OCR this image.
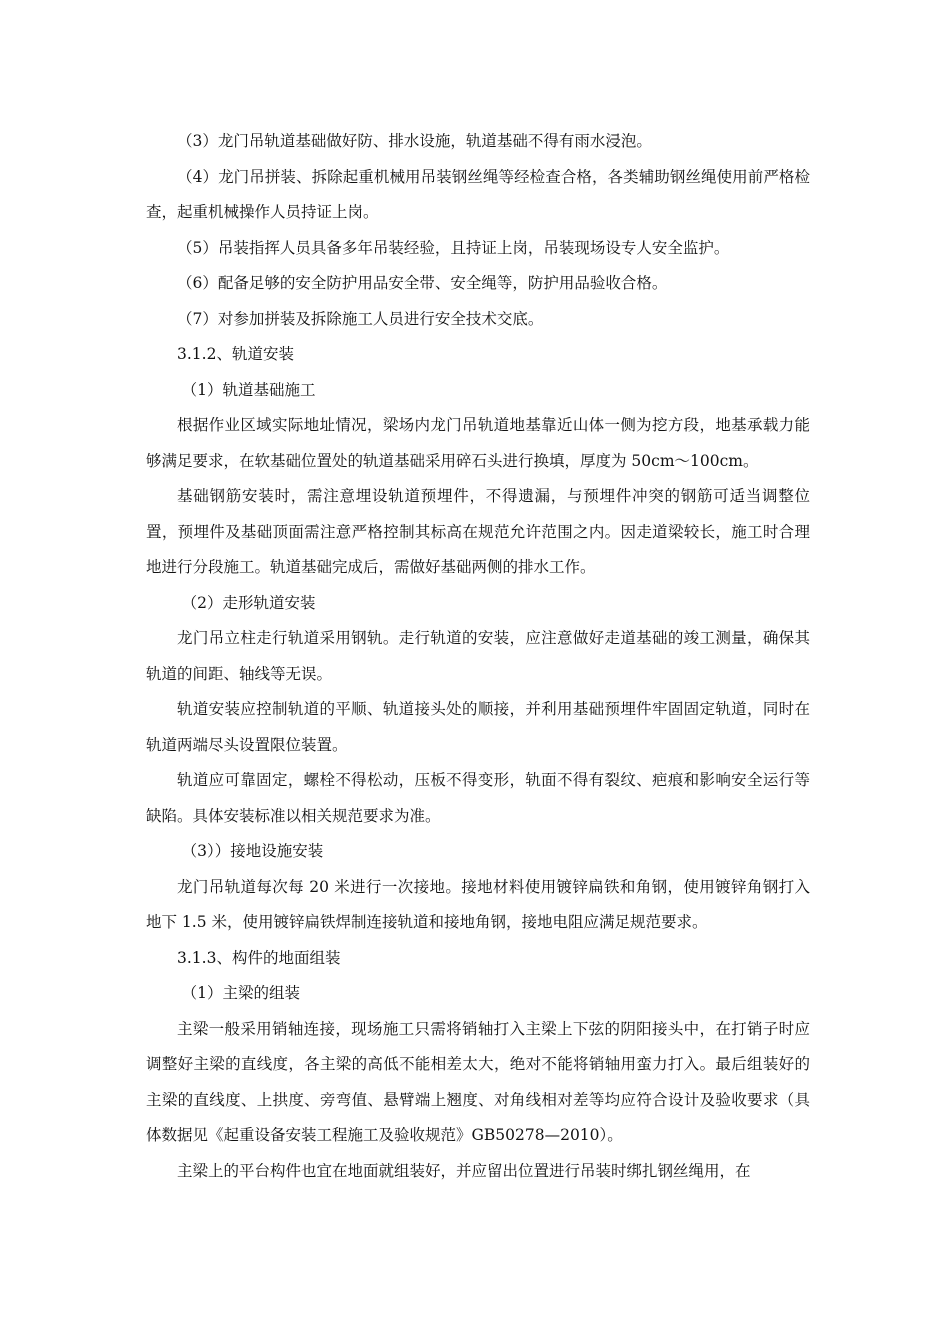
（3）龙门吊轨道基础做好防、排水设施，轨道基础不得有雨水浸泡。

（4）龙门吊拼装、拆除起重机械用吊装钢丝绳等经检查合格，各类辅助钢丝绳使用前严格检查，起重机械操作人员持证上岗。

（5）吊装指挥人员具备多年吊装经验，且持证上岗，吊装现场设专人安全监护。

（6）配备足够的安全防护用品安全带、安全绳等，防护用品验收合格。

（7）对参加拼装及拆除施工人员进行安全技术交底。

3.1.2、轨道安装

（1）轨道基础施工

根据作业区域实际地址情况，梁场内龙门吊轨道地基靠近山体一侧为挖方段，地基承载力能够满足要求，在软基础位置处的轨道基础采用碎石头进行换填，厚度为 50cm～100cm。

基础钢筋安装时，需注意埋设轨道预埋件，不得遗漏，与预埋件冲突的钢筋可适当调整位置，预埋件及基础顶面需注意严格控制其标高在规范允许范围之内。因走道梁较长，施工时合理地进行分段施工。轨道基础完成后，需做好基础两侧的排水工作。

（2）走形轨道安装

龙门吊立柱走行轨道采用钢轨。走行轨道的安装，应注意做好走道基础的竣工测量，确保其轨道的间距、轴线等无误。

轨道安装应控制轨道的平顺、轨道接头处的顺接，并利用基础预埋件牢固固定轨道，同时在轨道两端尽头设置限位装置。

轨道应可靠固定，螺栓不得松动，压板不得变形，轨面不得有裂纹、疤痕和影响安全运行等缺陷。具体安装标准以相关规范要求为准。

（3））接地设施安装

龙门吊轨道每次每 20 米进行一次接地。接地材料使用镀锌扁铁和角钢，使用镀锌角钢打入地下 1.5 米，使用镀锌扁铁焊制连接轨道和接地角钢，接地电阻应满足规范要求。

3.1.3、构件的地面组装

（1）主梁的组装

主梁一般采用销轴连接，现场施工只需将销轴打入主梁上下弦的阴阳接头中，在打销子时应调整好主梁的直线度，各主梁的高低不能相差太大，绝对不能将销轴用蛮力打入。最后组装好的主梁的直线度、上拱度、旁弯值、悬臂端上翘度、对角线相对差等均应符合设计及验收要求（具体数据见《起重设备安装工程施工及验收规范》GB50278—2010）。

主梁上的平台构件也宜在地面就组装好，并应留出位置进行吊装时绑扎钢丝绳用，在
